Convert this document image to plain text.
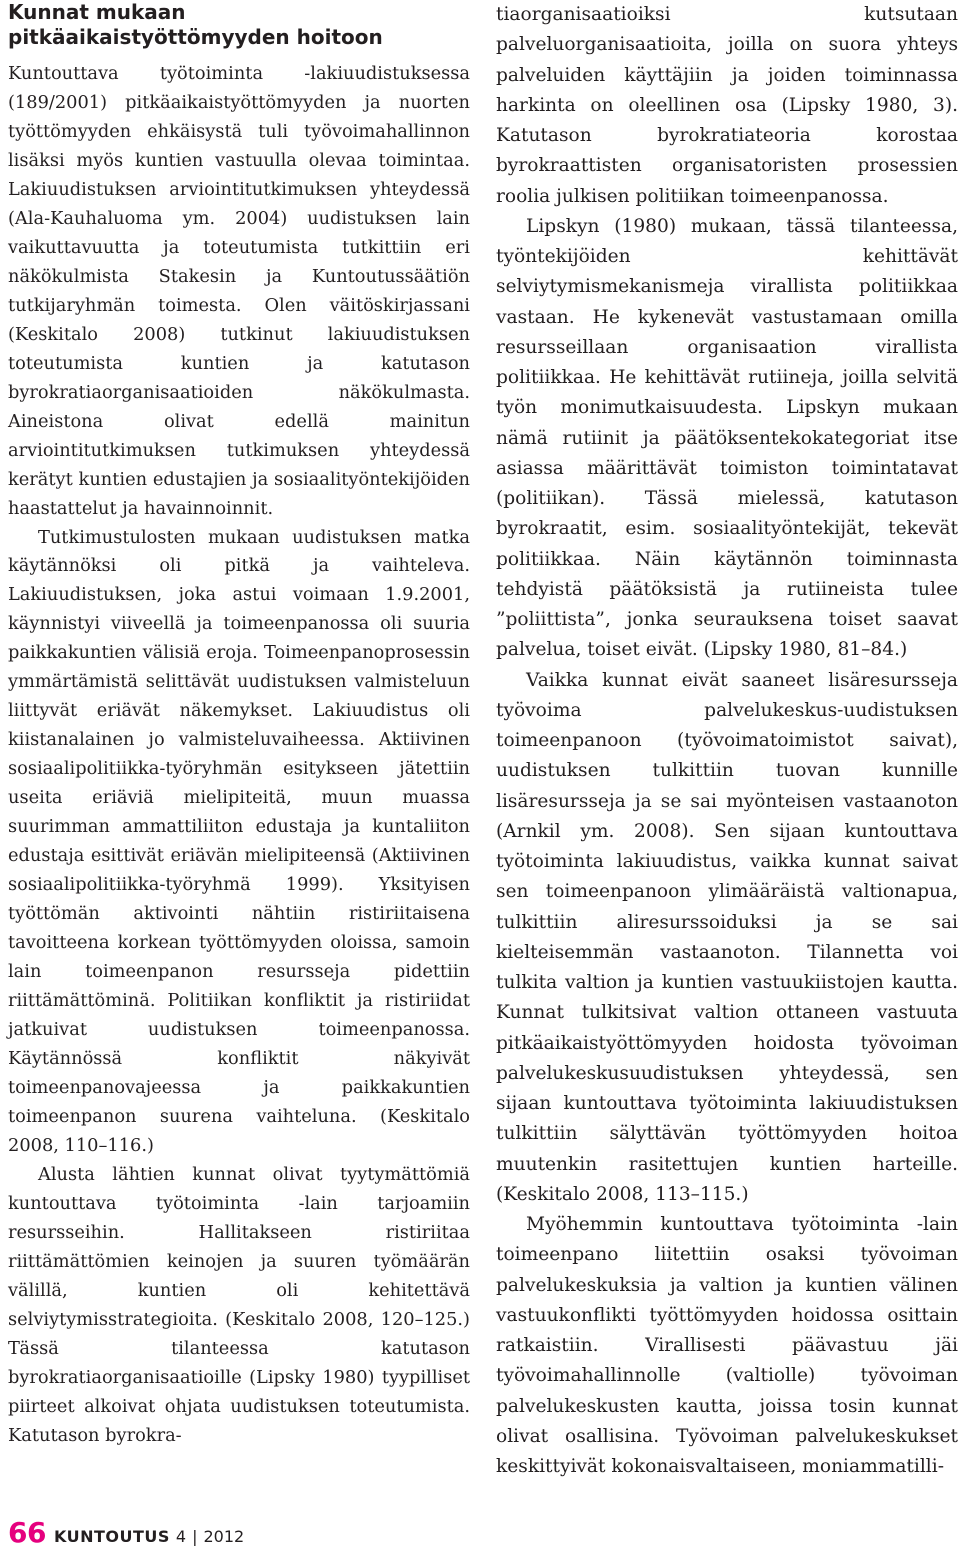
Kunnat mukaan pitkäaikaistyöttömyyden hoitoon

Kuntouttava työtoiminta -lakiuudistuksessa (189/2001) pitkäaikaistyöttömyyden ja nuorten työttömyyden ehkäisystä tuli työvoimahallinnon lisäksi myös kuntien vastuulla olevaa toimintaa. Lakiuudistuksen arviointitutkimuksen yhteydessä (Ala-Kauhaluoma ym. 2004) uudistuksen lain vaikuttavuutta ja toteutumista tutkittiin eri näkökulmista Stakesin ja Kuntoutussäätiön tutkijaryhmän toimesta. Olen väitöskirjassani (Keskitalo 2008) tutkinut lakiuudistuksen toteutumista kuntien ja katutason byrokratiaorganisaatioiden näkökulmasta. Aineistona olivat edellä mainitun arviointitutkimuksen tutkimuksen yhteydessä kerätyt kuntien edustajien ja sosiaalityöntekijöiden haastattelut ja havainnoinnit.

Tutkimustulosten mukaan uudistuksen matka käytännöksi oli pitkä ja vaihteleva. Lakiuudistuksen, joka astui voimaan 1.9.2001, käynnistyi viiveellä ja toimeenpanossa oli suuria paikkakuntien välisiä eroja. Toimeenpanoprosessin ymmärtämistä selittävät uudistuksen valmisteluun liittyvät eriävät näkemykset. Lakiuudistus oli kiistanalainen jo valmisteluvaiheessa. Aktiivinen sosiaalipolitiikka-työryhmän esitykseen jätettiin useita eriäviä mielipiteitä, muun muassa suurimman ammattiliiton edustaja ja kuntaliiton edustaja esittivät eriävän mielipiteensä (Aktiivinen sosiaalipolitiikka-työryhmä 1999). Yksityisen työttömän aktivointi nähtiin ristiriitaisena tavoitteena korkean työttömyyden oloissa, samoin lain toimeenpanon resursseja pidettiin riittämättöminä. Politiikan konfliktit ja ristiriidat jatkuivat uudistuksen toimeenpanossa. Käytännössä konfliktit näkyivät toimeenpanovajeessa ja paikkakuntien toimeenpanon suurena vaihteluna. (Keskitalo 2008, 110–116.)

Alusta lähtien kunnat olivat tyytymättömiä kuntouttava työtoiminta -lain tarjoamiin resursseihin. Hallitakseen ristiriitaa riittämättömien keinojen ja suuren työmäärän välillä, kuntien oli kehitettävä selviytymisstrategioita. (Keskitalo 2008, 120–125.) Tässä tilanteessa katutason byrokratiaorganisaatioille (Lipsky 1980) tyypilliset piirteet alkoivat ohjata uudistuksen toteutumista. Katutason byrokra-

tiaorganisaatioiksi kutsutaan palveluorganisaatioita, joilla on suora yhteys palveluiden käyttäjiin ja joiden toiminnassa harkinta on oleellinen osa (Lipsky 1980, 3). Katutason byrokratiateoria korostaa byrokraattisten organisatoristen prosessien roolia julkisen politiikan toimeenpanossa.

Lipskyn (1980) mukaan, tässä tilanteessa, työntekijöiden kehittävät selviytymismekanismeja virallista politiikkaa vastaan. He kykenevät vastustamaan omilla resursseillaan organisaation virallista politiikkaa. He kehittävät rutiineja, joilla selvitä työn monimutkaisuudesta. Lipskyn mukaan nämä rutiinit ja päätöksentekokategoriat itse asiassa määrittävät toimiston toimintatavat (politiikan). Tässä mielessä, katutason byrokraatit, esim. sosiaalityöntekijät, tekevät politiikkaa. Näin käytännön toiminnasta tehdyistä päätöksistä ja rutiineista tulee ”poliittista”, jonka seurauksena toiset saavat palvelua, toiset eivät. (Lipsky 1980, 81–84.)

Vaikka kunnat eivät saaneet lisäresursseja työvoima palvelukeskus-uudistuksen toimeenpanoon (työvoimatoimistot saivat), uudistuksen tulkittiin tuovan kunnille lisäresursseja ja se sai myönteisen vastaanoton (Arnkil ym. 2008). Sen sijaan kuntouttava työtoiminta lakiuudistus, vaikka kunnat saivat sen toimeenpanoon ylimääräistä valtionapua, tulkittiin aliresurssoiduksi ja se sai kielteisemmän vastaanoton. Tilannetta voi tulkita valtion ja kuntien vastuukiistojen kautta. Kunnat tulkitsivat valtion ottaneen vastuuta pitkäaikaistyöttömyyden hoidosta työvoiman palvelukeskusuudistuksen yhteydessä, sen sijaan kuntouttava työtoiminta lakiuudistuksen tulkittiin sälyttävän työttömyyden hoitoa muutenkin rasitettujen kuntien harteille. (Keskitalo 2008, 113–115.)

Myöhemmin kuntouttava työtoiminta -lain toimeenpano liitettiin osaksi työvoiman palvelukeskuksia ja valtion ja kuntien välinen vastuukonflikti työttömyyden hoidossa osittain ratkaistiin. Virallisesti päävastuu jäi työvoimahallinnolle (valtiolle) työvoiman palvelukeskusten kautta, joissa tosin kunnat olivat osallisina. Työvoiman palvelukeskukset keskittyivät kokonaisvaltaiseen, moniammatilli-

66 KUNTOUTUS 4 | 2012
